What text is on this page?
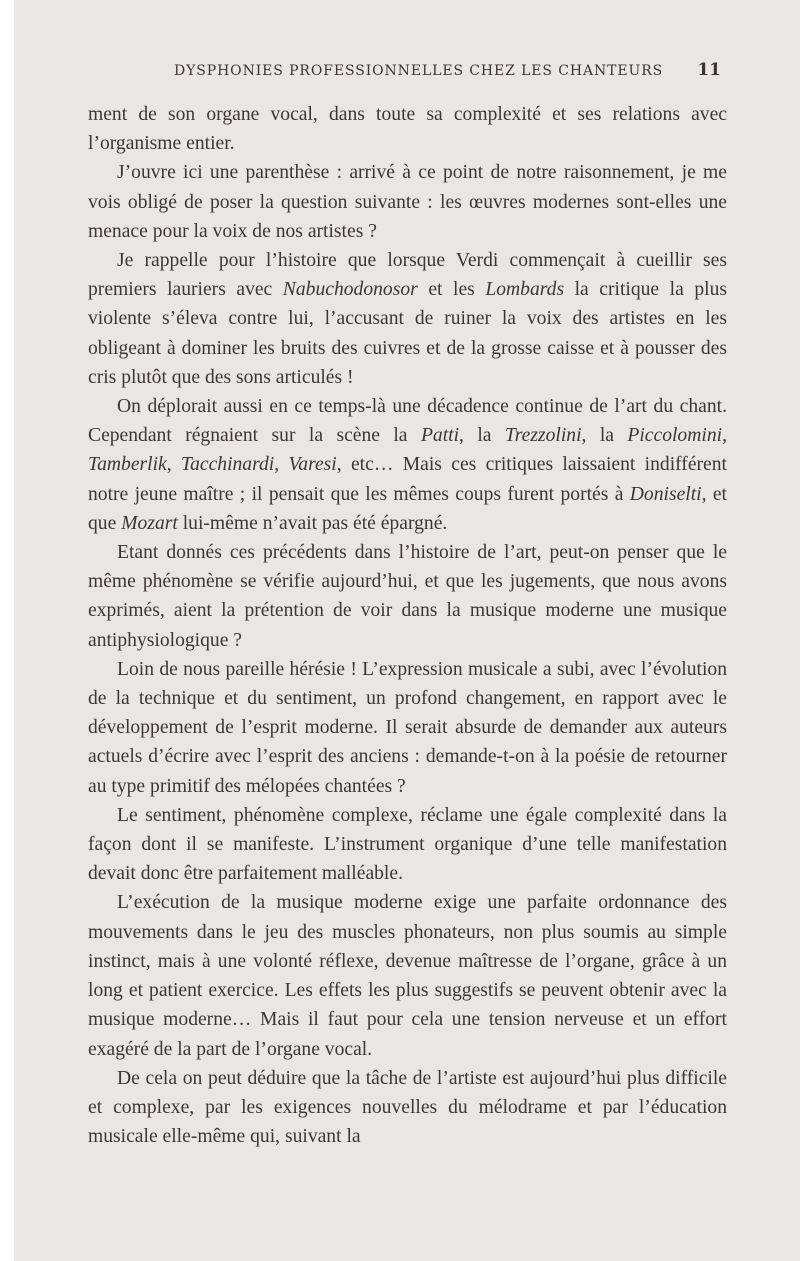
DYSPHONIES PROFESSIONNELLES CHEZ LES CHANTEURS 11

ment de son organe vocal, dans toute sa complexité et ses relations avec l’organisme entier.

J’ouvre ici une parenthèse : arrivé à ce point de notre raisonnement, je me vois obligé de poser la question suivante : les œuvres modernes sont-elles une menace pour la voix de nos artistes ?

Je rappelle pour l’histoire que lorsque Verdi commençait à cueillir ses premiers lauriers avec Nabuchodonosor et les Lombards la critique la plus violente s’éleva contre lui, l’accusant de ruiner la voix des artistes en les obligeant à dominer les bruits des cuivres et de la grosse caisse et à pousser des cris plutôt que des sons articulés !

On déplorait aussi en ce temps-là une décadence continue de l’art du chant. Cependant régnaient sur la scène la Patti, la Trezzolini, la Piccolomini, Tamberlik, Tacchinardi, Varesi, etc… Mais ces critiques laissaient indifférent notre jeune maître ; il pensait que les mêmes coups furent portés à Doniselti, et que Mozart lui-même n’avait pas été épargné.

Etant donnés ces précédents dans l’histoire de l’art, peut-on penser que le même phénomène se vérifie aujourd’hui, et que les jugements, que nous avons exprimés, aient la prétention de voir dans la musique moderne une musique antiphysiologique ?

Loin de nous pareille hérésie ! L’expression musicale a subi, avec l’évolution de la technique et du sentiment, un profond changement, en rapport avec le développement de l’esprit moderne. Il serait absurde de demander aux auteurs actuels d’écrire avec l’esprit des anciens : demande-t-on à la poésie de retourner au type primitif des mélopées chantées ?

Le sentiment, phénomène complexe, réclame une égale complexité dans la façon dont il se manifeste. L’instrument organique d’une telle manifestation devait donc être parfaitement malléable.

L’exécution de la musique moderne exige une parfaite ordonnance des mouvements dans le jeu des muscles phonateurs, non plus soumis au simple instinct, mais à une volonté réflexe, devenue maîtresse de l’organe, grâce à un long et patient exercice. Les effets les plus suggestifs se peuvent obtenir avec la musique moderne… Mais il faut pour cela une tension nerveuse et un effort exagéré de la part de l’organe vocal.

De cela on peut déduire que la tâche de l’artiste est aujourd’hui plus difficile et complexe, par les exigences nouvelles du mélodrame et par l’éducation musicale elle-même qui, suivant la
